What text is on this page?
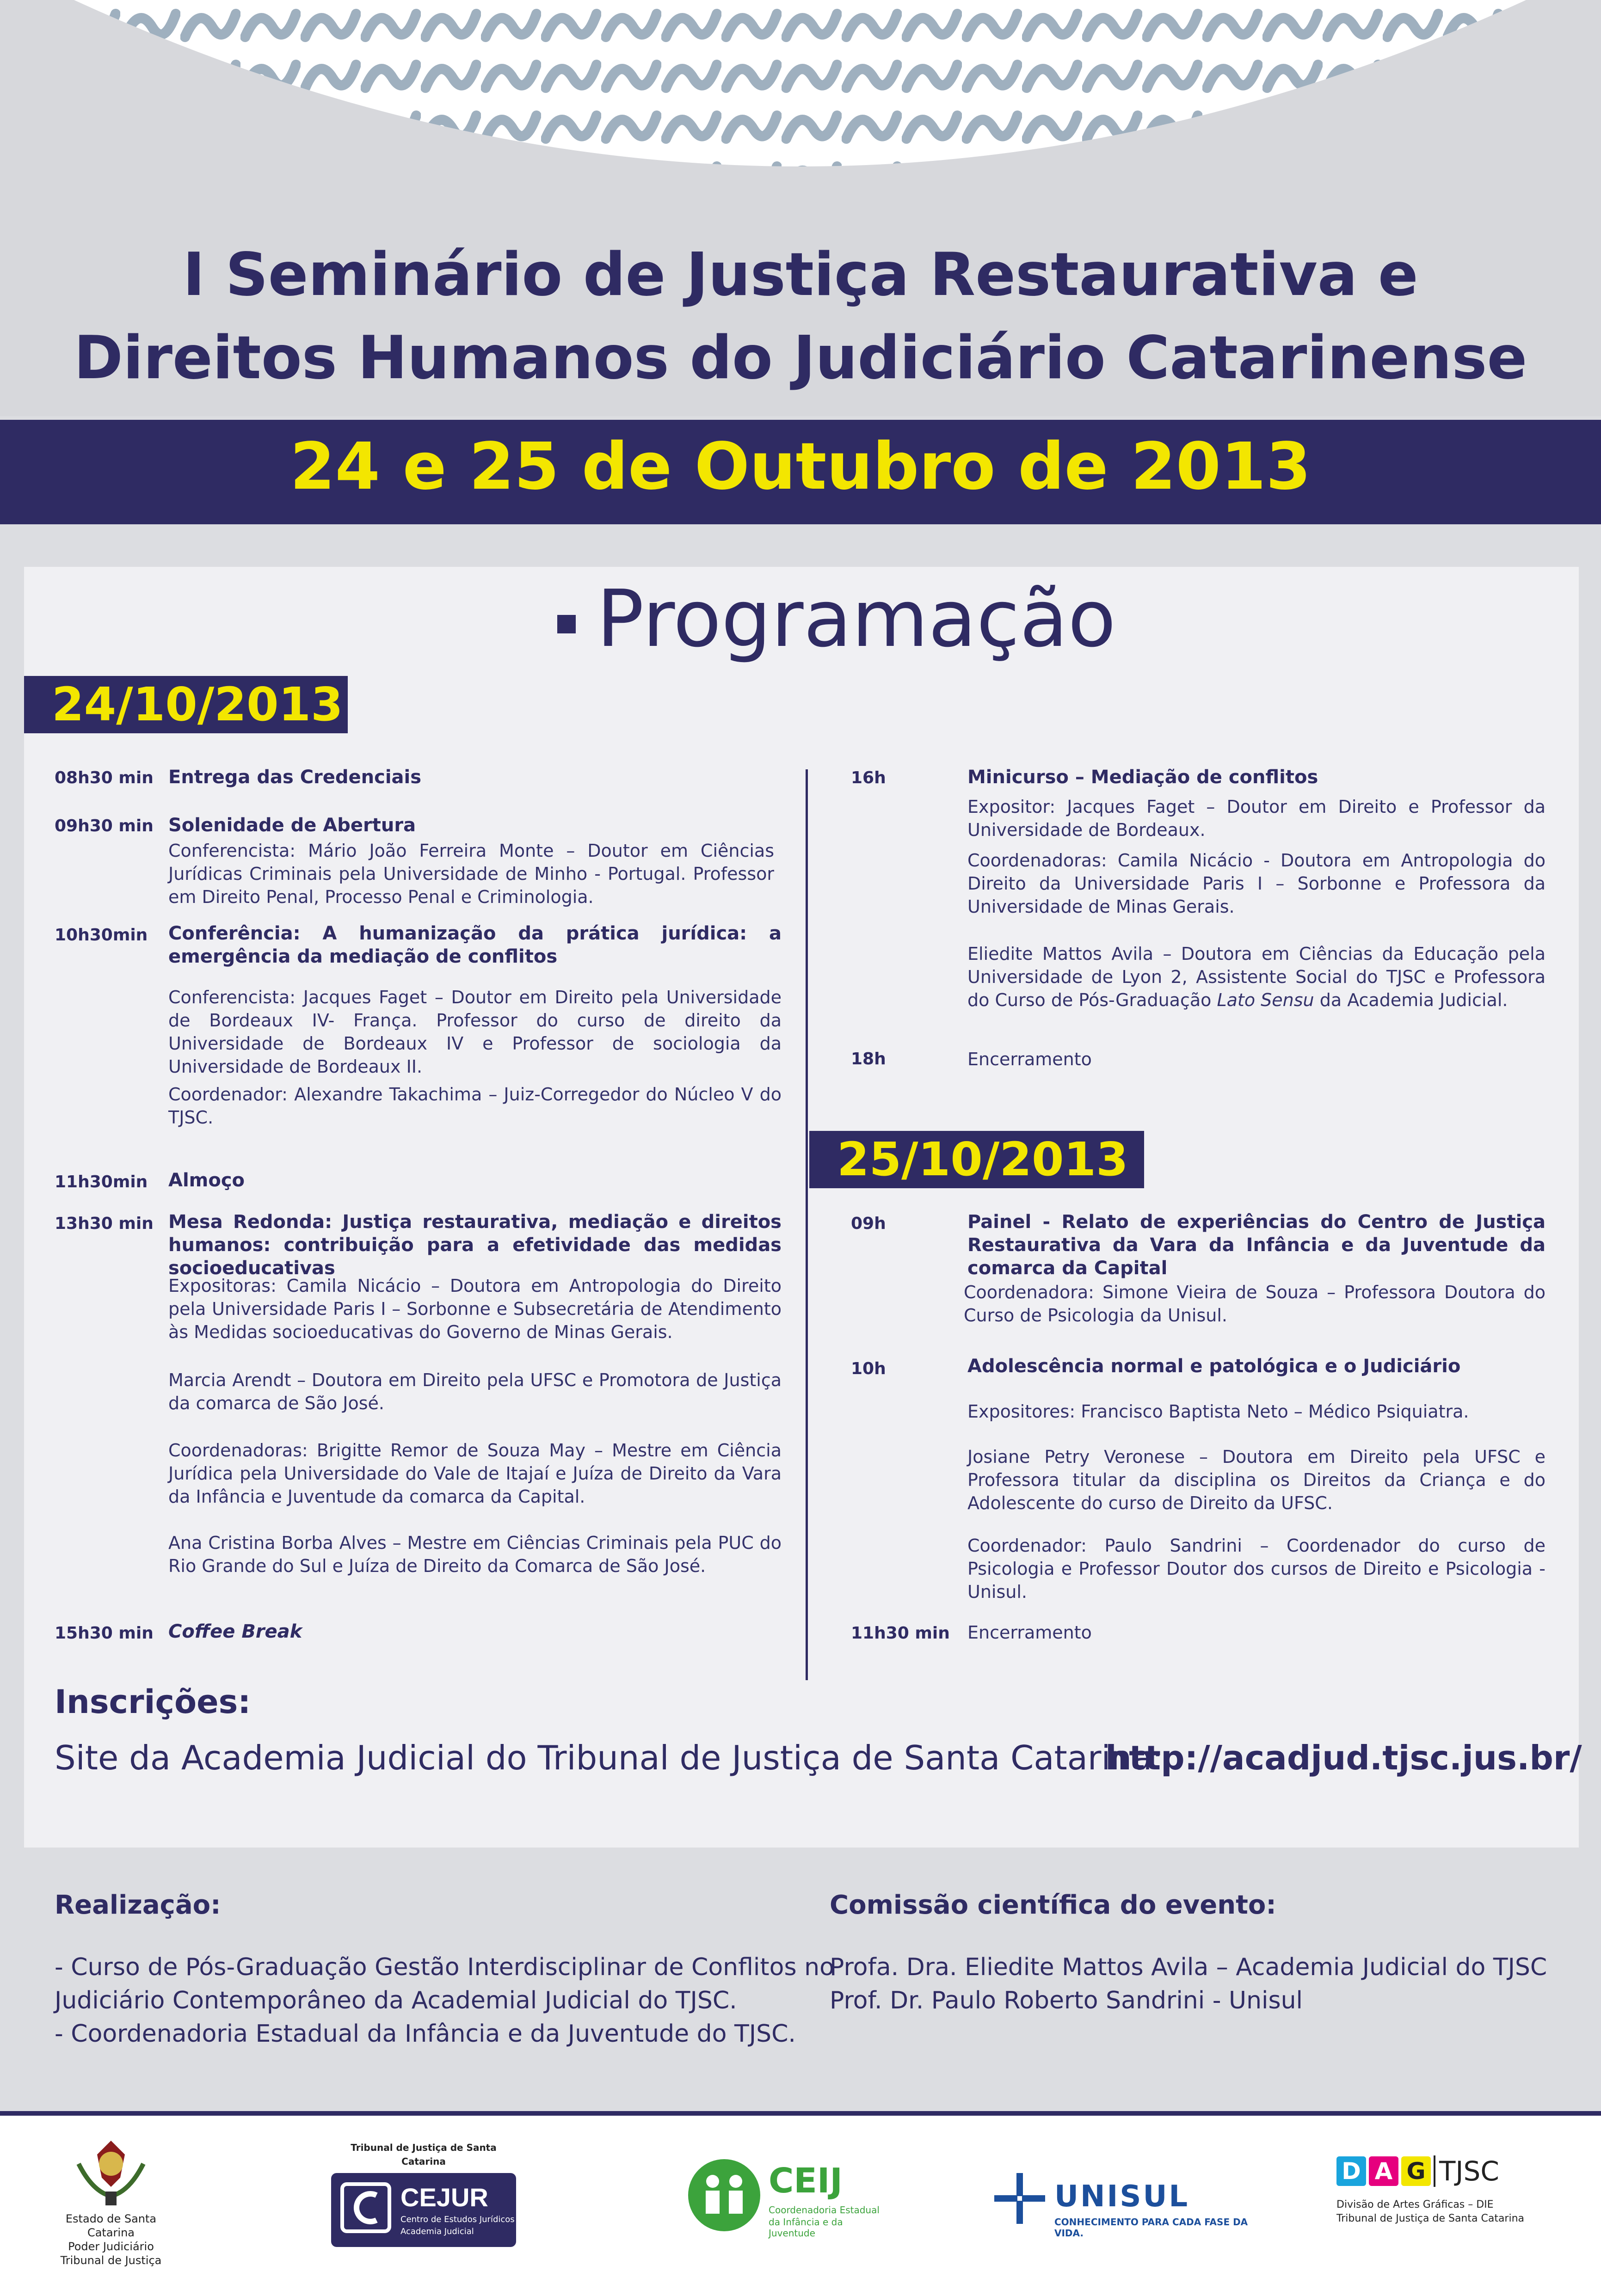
I Seminário de Justiça Restaurativa e
Direitos Humanos do Judiciário Catarinense
24 e 25 de Outubro de 2013
Programação
24/10/2013
08h30 min Entrega das Credenciais
09h30 min Solenidade de Abertura
Conferencista: Mário João Ferreira Monte – Doutor em Ciências Jurídicas Criminais pela Universidade de Minho - Portugal. Professor em Direito Penal, Processo Penal e Criminologia.
10h30min Conferência: A humanização da prática jurídica: a emergência da mediação de conflitos
Conferencista: Jacques Faget – Doutor em Direito pela Universidade de Bordeaux IV- França. Professor do curso de direito da Universidade de Bordeaux IV e Professor de sociologia da Universidade de Bordeaux II.
Coordenador: Alexandre Takachima – Juiz-Corregedor do Núcleo V do TJSC.
11h30min Almoço
13h30 min Mesa Redonda: Justiça restaurativa, mediação e direitos humanos: contribuição para a efetividade das medidas socioeducativas
Expositoras: Camila Nicácio – Doutora em Antropologia do Direito pela Universidade Paris I – Sorbonne e Subsecretária de Atendimento às Medidas socioeducativas do Governo de Minas Gerais.
Marcia Arendt – Doutora em Direito pela UFSC e Promotora de Justiça da comarca de São José.
Coordenadoras: Brigitte Remor de Souza May – Mestre em Ciência Jurídica pela Universidade do Vale de Itajaí e Juíza de Direito da Vara da Infância e Juventude da comarca da Capital.
Ana Cristina Borba Alves – Mestre em Ciências Criminais pela PUC do Rio Grande do Sul e Juíza de Direito da Comarca de São José.
15h30 min Coffee Break
16h	Minicurso – Mediação de conflitos
Expositor: Jacques Faget – Doutor em Direito e Professor da Universidade de Bordeaux.
Coordenadoras: Camila Nicácio - Doutora em Antropologia do Direito da Universidade Paris I – Sorbonne e Professora da Universidade de Minas Gerais.
Eliedite Mattos Avila – Doutora em Ciências da Educação pela Universidade de Lyon 2, Assistente Social do TJSC e Professora do Curso de Pós-Graduação Lato Sensu da Academia Judicial.
18h	Encerramento
25/10/2013
09h	Painel - Relato de experiências do Centro de Justiça Restaurativa da Vara da Infância e da Juventude da comarca da Capital
Coordenadora: Simone Vieira de Souza – Professora Doutora do Curso de Psicologia da Unisul.
10h	Adolescência normal e patológica e o Judiciário
Expositores: Francisco Baptista Neto – Médico Psiquiatra.
Josiane Petry Veronese – Doutora em Direito pela UFSC e Professora titular da disciplina os Direitos da Criança e do Adolescente do curso de Direito da UFSC.
Coordenador: Paulo Sandrini – Coordenador do curso de Psicologia e Professor Doutor dos cursos de Direito e Psicologia - Unisul.
11h30 min Encerramento
Inscrições:
Site da Academia Judicial do Tribunal de Justiça de Santa Catarina:
http://acadjud.tjsc.jus.br/
Realização:
- Curso de Pós-Graduação Gestão Interdisciplinar de Conflitos no
Judiciário Contemporâneo da Academial Judicial do TJSC.
- Coordenadoria Estadual da Infância e da Juventude do TJSC.
Comissão científica do evento:
Profa. Dra. Eliedite Mattos Avila – Academia Judicial do TJSC
Prof. Dr. Paulo Roberto Sandrini - Unisul
Estado de Santa Catarina
Poder Judiciário
Tribunal de Justiça
Tribunal de Justiça de Santa Catarina
CEJUR
Centro de Estudos Jurídicos
Academia Judicial
CEIJ
Coordenadoria Estadual
da Infância e da Juventude
UNISUL
CONHECIMENTO PARA CADA FASE DA VIDA.
D A G TJSC
Divisão de Artes Gráficas – DIE
Tribunal de Justiça de Santa Catarina
